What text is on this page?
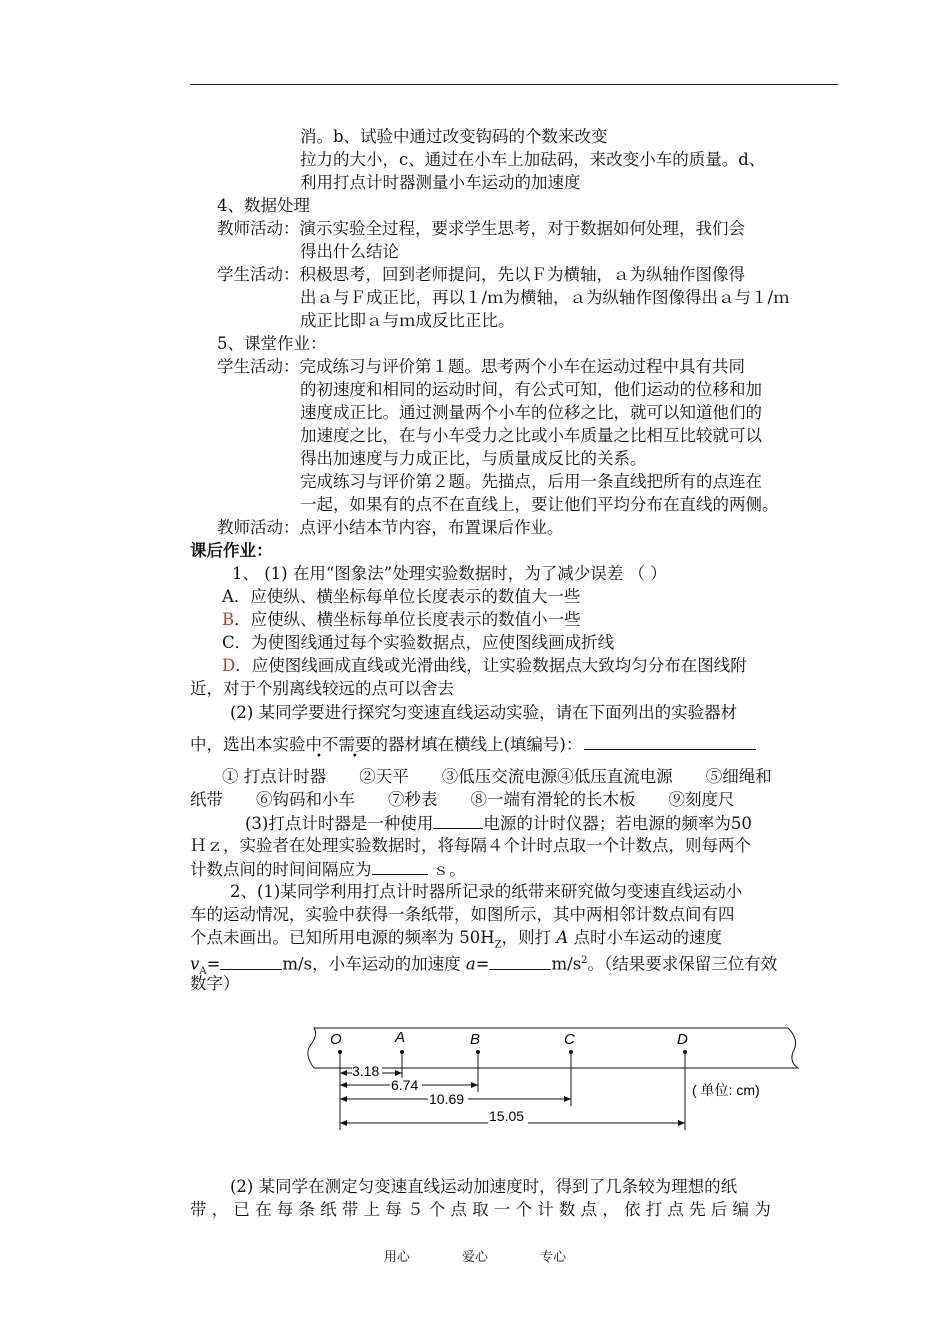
消。b、试验中通过改变钩码的个数来改变
拉力的大小，c、通过在小车上加砝码，来改变小车的质量。d、
利用打点计时器测量小车运动的加速度
4、数据处理
教师活动：演示实验全过程，要求学生思考，对于数据如何处理，我们会
得出什么结论
学生活动：积极思考，回到老师提问，先以Ｆ为横轴，ａ为纵轴作图像得
出ａ与Ｆ成正比，再以１/ｍ为横轴，ａ为纵轴作图像得出ａ与１/ｍ
成正比即ａ与ｍ成反比正比。
5、课堂作业：
学生活动：完成练习与评价第１题。思考两个小车在运动过程中具有共同
的初速度和相同的运动时间，有公式可知，他们运动的位移和加
速度成正比。通过测量两个小车的位移之比，就可以知道他们的
加速度之比，在与小车受力之比或小车质量之比相互比较就可以
得出加速度与力成正比，与质量成反比的关系。
完成练习与评价第２题。先描点，后用一条直线把所有的点连在
一起，如果有的点不在直线上，要让他们平均分布在直线的两侧。
教师活动：点评小结本节内容，布置课后作业。
课后作业：
1、 (1) 在用“图象法”处理实验数据时，为了减少误差 （ ）
A．应使纵、横坐标每单位长度表示的数值大一些
B．应使纵、横坐标每单位长度表示的数值小一些
C．为使图线通过每个实验数据点，应使图线画成折线
D．应使图线画成直线或光滑曲线，让实验数据点大致均匀分布在图线附
近，对于个别离线较远的点可以舍去
(2) 某同学要进行探究匀变速直线运动实验，请在下面列出的实验器材
中，选出本实验中不需要的器材填在横线上(填编号)：
•　　　•
① 打点计时器　　②天平　　③低压交流电源④低压直流电源　　⑤细绳和
纸带　　⑥钩码和小车　　⑦秒表　　⑧一端有滑轮的长木板　　⑨刻度尺
(3)打点计时器是一种使用	电源的计时仪器；若电源的频率为50
Ｈｚ，实验者在处理实验数据时，将每隔４个计时点取一个计数点，则每两个
计数点间的时间间隔应为	ｓ。
2、(1)某同学利用打点计时器所记录的纸带来研究做匀变速直线运动小
车的运动情况，实验中获得一条纸带，如图所示，其中两相邻计数点间有四
个点未画出。已知所用电源的频率为 $50H_Z$，则打 A 点时小车运动的速度
$v_A=$	m/s，小车运动的加速度 a=	$m/s^2$。（结果要求保留三位有效
数字）
O	A	B	C	D
3.18
6.74
10.69
15.05
( 单位: cm)
(2) 某同学在测定匀变速直线运动加速度时，得到了几条较为理想的纸
带，已在每条纸带上每５个点取一个计数点，依打点先后编为
用心	爱心	专心
